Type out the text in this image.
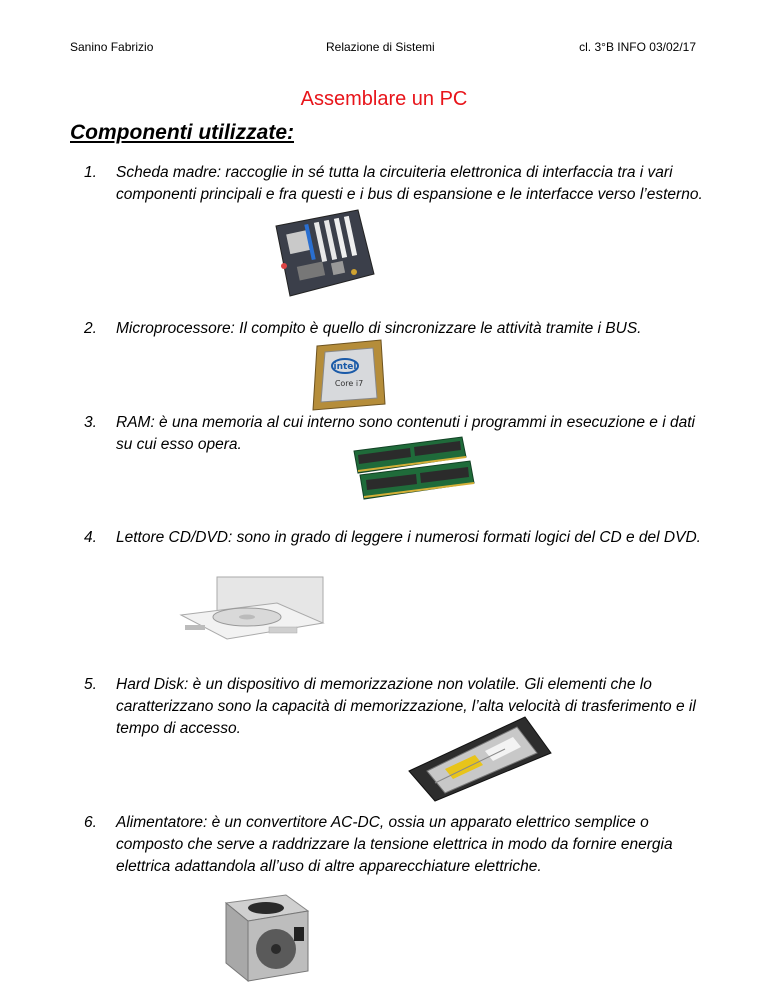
Sanino Fabrizio	Relazione di Sistemi	cl. 3°B INFO 03/02/17
Assemblare un PC
Componenti utilizzate:
1. Scheda madre: raccoglie in sé tutta la circuiteria elettronica di interfaccia tra i vari componenti principali e fra questi e i bus di espansione e le interfacce verso l’esterno.
2. Microprocessore: Il compito è quello di sincronizzare le attività tramite i BUS.
intel
Core i7
3. RAM: è una memoria al cui interno sono contenuti i programmi in esecuzione e i dati su cui esso opera.
4. Lettore CD/DVD: sono in grado di leggere i numerosi formati logici del CD e del DVD.
5. Hard Disk: è un dispositivo di memorizzazione non volatile. Gli elementi che lo caratterizzano sono la capacità di memorizzazione, l’alta velocità di trasferimento e il tempo di accesso.
6. Alimentatore: è un convertitore AC-DC, ossia un apparato elettrico semplice o composto che serve a raddrizzare la tensione elettrica in modo da fornire energia elettrica adattandola all’uso di altre apparecchiature elettriche.
